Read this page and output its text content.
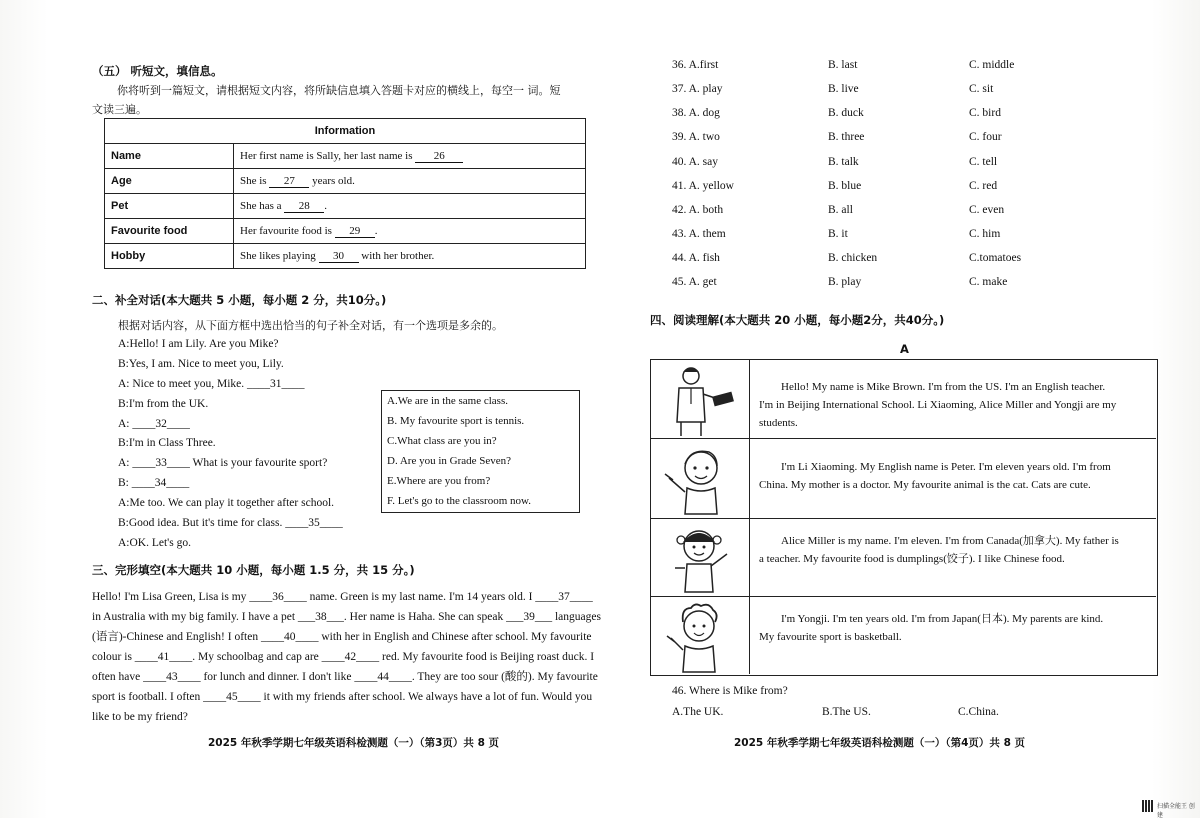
（五） 听短文，填信息。
你将听到一篇短文，请根据短文内容，将所缺信息填入答题卡对应的横线上，每空一 词。短
文读三遍。
Information	
Name	Her first name is Sally, her last name is 26
Age	She is 27 years old.
Pet	She has a 28 .
Favourite food	Her favourite food is 29 .
Hobby	She likes playing 30 with her brother.
二、补全对话(本大题共 5 小题，每小题 2 分，共10分。)
根据对话内容，从下面方框中选出恰当的句子补全对话，有一个选项是多余的。
A:Hello! I am Lily. Are you Mike?
B:Yes, I am. Nice to meet you, Lily.
A: Nice to meet you, Mike. ____31____
B:I'm from the UK.
A: ____32____
B:I'm in Class Three.
A: ____33____ What is your favourite sport?
B: ____34____
A:Me too. We can play it together after school.
B:Good idea. But it's time for class. ____35____
A:OK. Let's go.
A.We are in the same class.
B. My favourite sport is tennis.
C.What class are you in?
D. Are you in Grade Seven?
E.Where are you from?
F. Let's go to the classroom now.
三、完形填空(本大题共 10 小题，每小题 1.5 分，共 15 分。)
Hello! I'm Lisa Green, Lisa is my ____36____ name. Green is my last name. I'm 14 years old. I ____37____
in Australia with my big family. I have a pet ___38___. Her name is Haha. She can speak ___39___ languages
(语言)-Chinese and English! I often ____40____ with her in English and Chinese after school. My favourite
colour is ____41____. My schoolbag and cap are ____42____ red. My favourite food is Beijing roast duck. I
often have ____43____ for lunch and dinner. I don't like ____44____. They are too sour (酸的). My favourite
sport is football. I often ____45____ it with my friends after school. We always have a lot of fun. Would you
like to be my friend?
2025 年秋季学期七年级英语科检测题（一）（第3页）共 8 页
36. A.first	B. last	C. middle
37. A. play	B. live	C. sit
38. A. dog	B. duck	C. bird
39. A. two	B. three	C. four
40. A. say	B. talk	C. tell
41. A. yellow	B. blue	C. red
42. A. both	B. all	C. even
43. A. them	B. it	C. him
44. A. fish	B. chicken	C.tomatoes
45. A. get	B. play	C. make
四、阅读理解(本大题共 20 小题，每小题2分，共40分。)
A
Hello! My name is Mike Brown. I'm from the US. I'm an English teacher.
I'm in Beijing International School. Li Xiaoming, Alice Miller and Yongji are my
students.
I'm Li Xiaoming. My English name is Peter. I'm eleven years old. I'm from
China. My mother is a doctor. My favourite animal is the cat. Cats are cute.
Alice Miller is my name. I'm eleven. I'm from Canada(加拿大). My father is
a teacher. My favourite food is dumplings(饺子). I like Chinese food.
I'm Yongji. I'm ten years old. I'm from Japan(日本). My parents are kind.
My favourite sport is basketball.
46. Where is Mike from?
A.The UK.	B.The US.	C.China.
2025 年秋季学期七年级英语科检测题（一）（第4页）共 8 页
扫描全能王 创建
